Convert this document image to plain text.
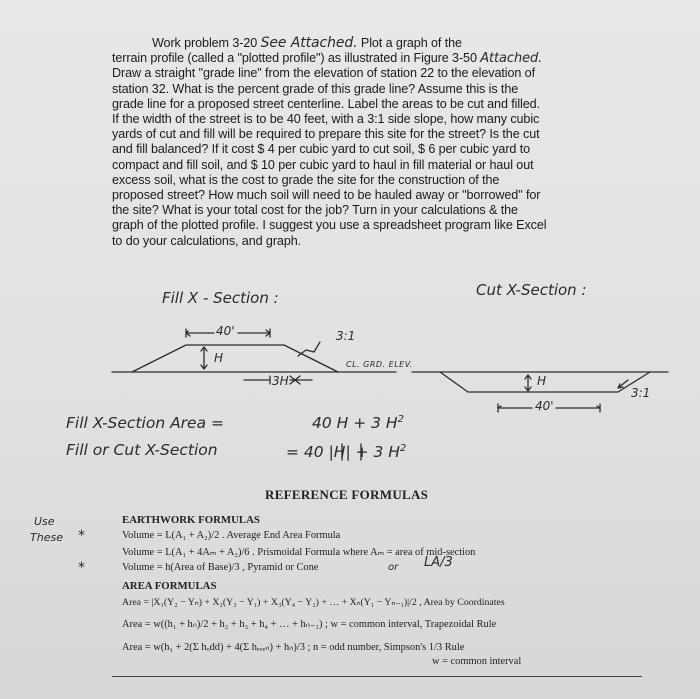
Work problem 3-20 See Attached. Plot a graph of the

terrain profile (called a "plotted profile") as illustrated in Figure 3-50 Attached.

Draw a straight "grade line" from the elevation of station 22 to the elevation of

station 32. What is the percent grade of this grade line? Assume this is the

grade line for a proposed street centerline. Label the areas to be cut and filled.

If the width of the street is to be 40 feet, with a 3:1 side slope, how many cubic

yards of cut and fill will be required to prepare this site for the street? Is the cut

and fill balanced? If it cost $ 4 per cubic yard to cut soil, $ 6 per cubic yard to

compact and fill soil, and $ 10 per cubic yard to haul in fill material or haul out

excess soil, what is the cost to grade the site for the construction of the

proposed street? How much soil will need to be hauled away or "borrowed" for

the site? What is your total cost for the job? Turn in your calculations & the

graph of the plotted profile. I suggest you use a spreadsheet program like Excel

to do your calculations, and graph.

Fill X - Section :	Cut X-Section :
40'	3:1
H
3H
CL. GRD. ELEV.
H
40'
3:1
Fill X-Section Area =	40 H + 3 $H^2$
Fill or Cut X-Section	= 40 |H| + 3 $H^2$
Use
These *
*	or LA/3
REFERENCE FORMULAS
EARTHWORK FORMULAS
Volume = L(A₁ + A₂)/2 . Average End Area Formula
Volume = L(A₁ + 4Aₘ + A₂)/6 . Prismoidal Formula where Aₘ = area of mid-section
Volume = h(Area of Base)/3 , Pyramid or Cone
AREA FORMULAS
Area = |X₁(Y₂ − Yₙ) + X₂(Y₃ − Y₁) + X₃(Y₄ − Y₂) + … + Xₙ(Y₁ − Yₙ₋₁)|/2 , Area by Coordinates
Area = w((h₁ + hₙ)/2 + h₂ + h₃ + h₄ + … + hₙ₋₁) ; w = common interval, Trapezoidal Rule
Area = w(h₁ + 2(Σ hₒdd) + 4(Σ hₑᵥₑₙ) + hₙ)/3 ; n = odd number, Simpson's 1/3 Rule
w = common interval
